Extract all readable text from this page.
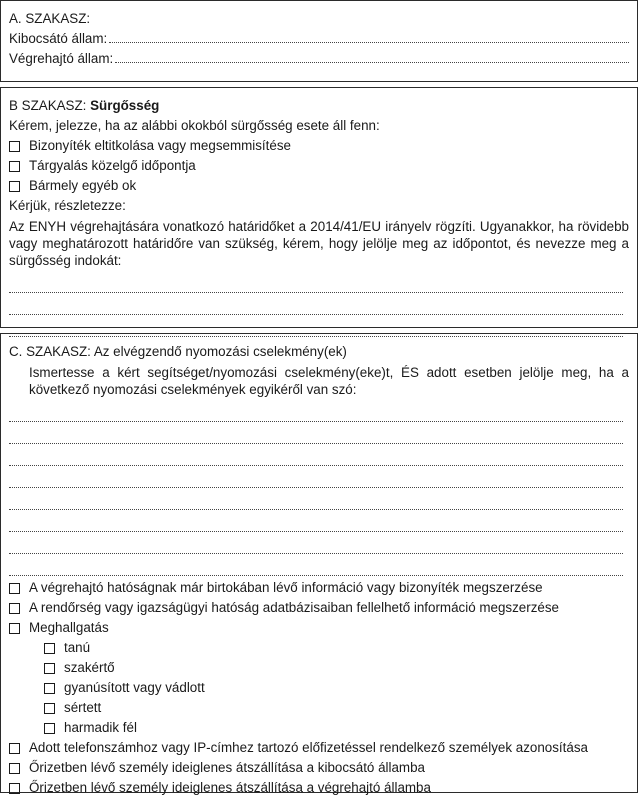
A. SZAKASZ:
Kibocsátó állam:
Végrehajtó állam:
B SZAKASZ: Sürgősség
Kérem, jelezze, ha az alábbi okokból sürgősség esete áll fenn:
Bizonyíték eltitkolása vagy megsemmisítése
Tárgyalás közelgő időpontja
Bármely egyéb ok
Kérjük, részletezze:
Az ENYH végrehajtására vonatkozó határidőket a 2014/41/EU irányelv rögzíti. Ugyanakkor, ha rövidebb vagy meghatározott határidőre van szükség, kérem, hogy jelölje meg az időpontot, és nevezze meg a sürgősség indokát:
C. SZAKASZ: Az elvégzendő nyomozási cselekmény(ek)
Ismertesse a kért segítséget/nyomozási cselekmény(eke)t, ÉS adott esetben jelölje meg, ha a következő nyomozási cselekmények egyikéről van szó:
A végrehajtó hatóságnak már birtokában lévő információ vagy bizonyíték megszerzése
A rendőrség vagy igazságügyi hatóság adatbázisaiban fellelhető információ megszerzése
Meghallgatás
tanú
szakértő
gyanúsított vagy vádlott
sértett
harmadik fél
Adott telefonszámhoz vagy IP-címhez tartozó előfizetéssel rendelkező személyek azonosítása
Őrizetben lévő személy ideiglenes átszállítása a kibocsátó államba
Őrizetben lévő személy ideiglenes átszállítása a végrehajtó államba
